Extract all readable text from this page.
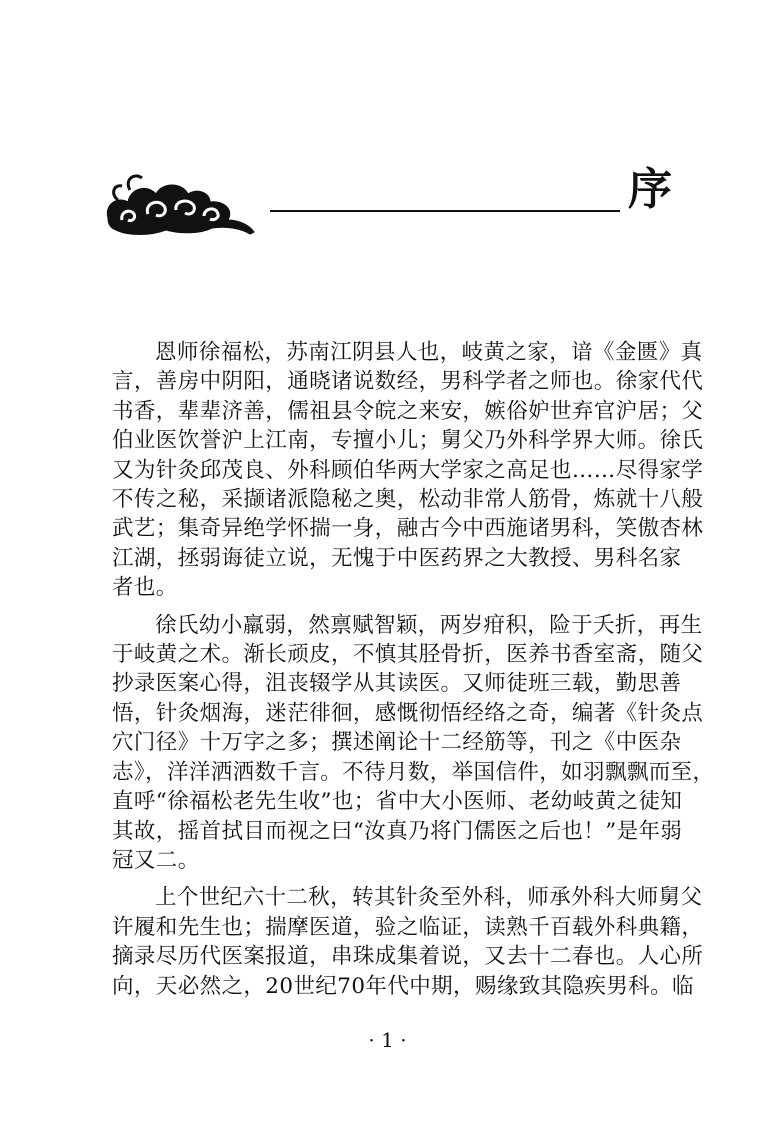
序

恩师徐福松，苏南江阴县人也，岐黄之家，谙《金匮》真
言，善房中阴阳，通晓诸说数经，男科学者之师也。徐家代代
书香，辈辈济善，儒祖县令皖之来安，嫉俗妒世弃官沪居；父
伯业医饮誉沪上江南，专擅小儿；舅父乃外科学界大师。徐氏
又为针灸邱茂良、外科顾伯华两大学家之高足也……尽得家学
不传之秘，采撷诸派隐秘之奥，松动非常人筋骨，炼就十八般
武艺；集奇异绝学怀揣一身，融古今中西施诸男科，笑傲杏林
江湖，拯弱诲徒立说，无愧于中医药界之大教授、男科名家
者也。

徐氏幼小羸弱，然禀赋智颖，两岁疳积，险于夭折，再生
于岐黄之术。渐长顽皮，不慎其胫骨折，医养书香室斋，随父
抄录医案心得，沮丧辍学从其读医。又师徒班三载，勤思善
悟，针灸烟海，迷茫徘徊，感慨彻悟经络之奇，编著《针灸点
穴门径》十万字之多；撰述阐论十二经筋等，刊之《中医杂
志》，洋洋洒洒数千言。不待月数，举国信件，如羽飘飘而至，
直呼“徐福松老先生收”也；省中大小医师、老幼岐黄之徒知
其故，摇首拭目而视之曰“汝真乃将门儒医之后也！”是年弱
冠又二。

上个世纪六十二秋，转其针灸至外科，师承外科大师舅父
许履和先生也；揣摩医道，验之临证，读熟千百载外科典籍，
摘录尽历代医案报道，串珠成集着说，又去十二春也。人心所
向，天必然之，20世纪70年代中期，赐缘致其隐疾男科。临

· 1 ·
